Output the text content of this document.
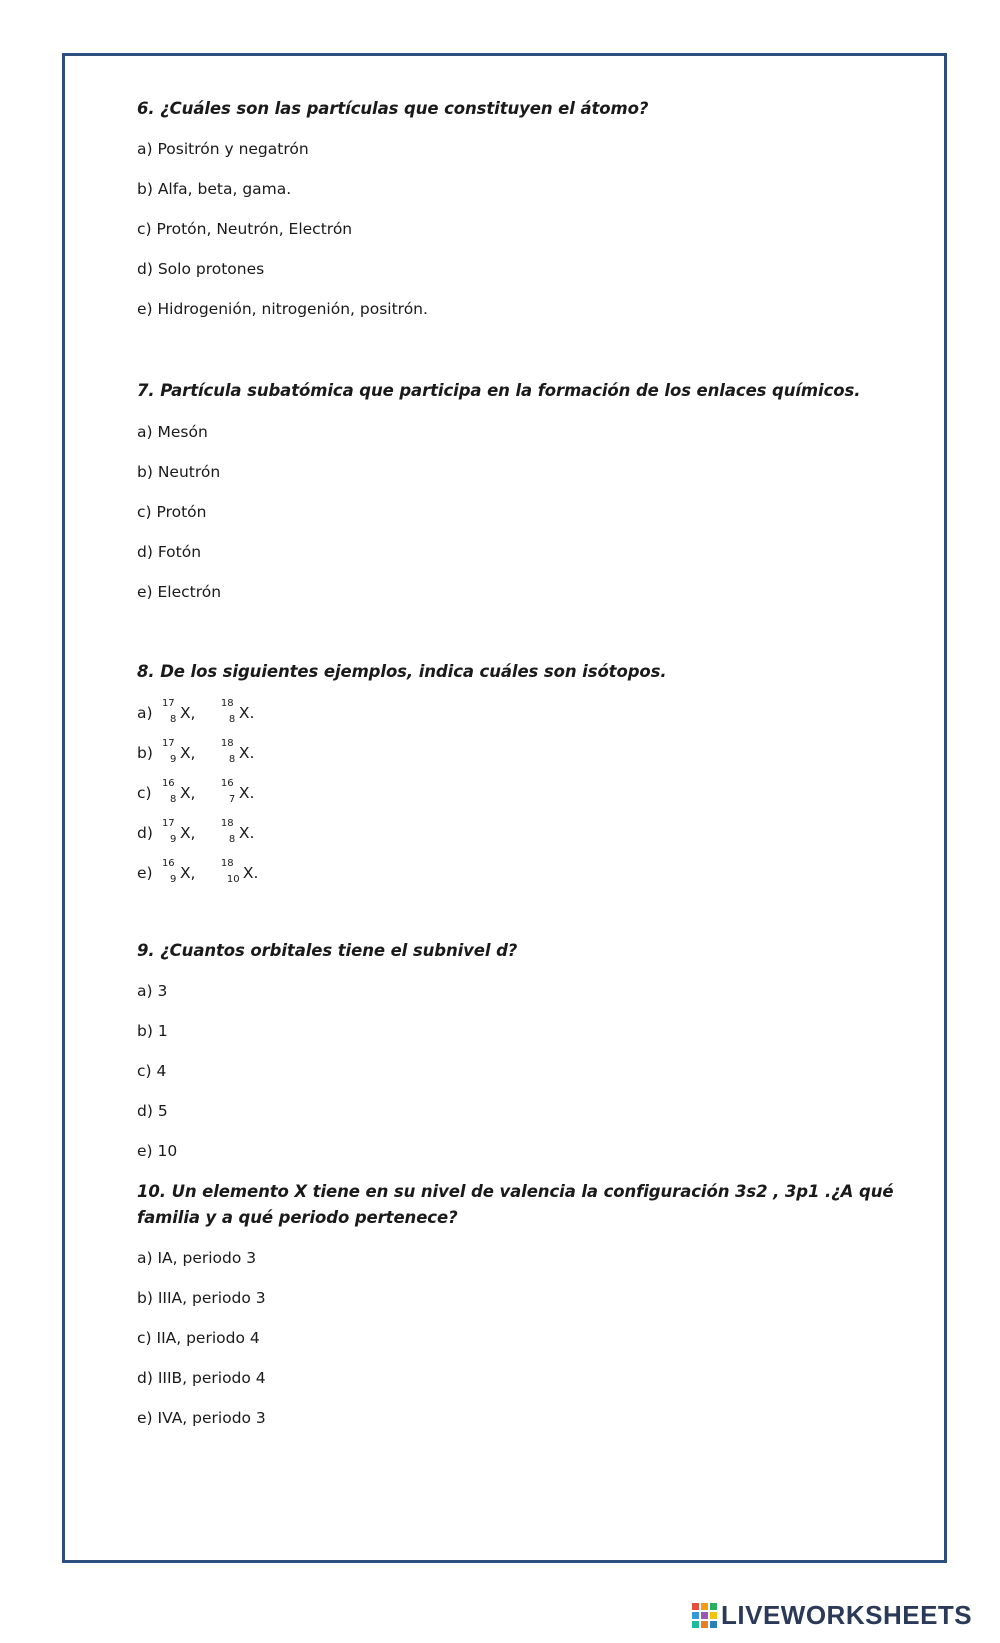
6. ¿Cuáles son las partículas que constituyen el átomo?
a) Positrón y negatrón
b) Alfa, beta, gama.
c) Protón, Neutrón, Electrón
d) Solo protones
e) Hidrogenión, nitrogenión, positrón.
7. Partícula subatómica que participa en la formación de los enlaces químicos.
a) Mesón
b) Neutrón
c) Protón
d) Fotón
e) Electrón
8. De los siguientes ejemplos, indica cuáles son isótopos.
a) 17
8 X,

18
8 X.
b) 17
9 X,

18
8 X.
c) 16
8 X,

16
7 X.
d) 17
9 X,

18
8 X.
e) 16
9 X,

18
10 X.
9. ¿Cuantos orbitales tiene el subnivel d?
a) 3
b) 1
c) 4
d) 5
e) 10
10. Un elemento X tiene en su nivel de valencia la configuración 3s2 , 3p1 .¿A qué
familia y a qué periodo pertenece?
a) IA, periodo 3
b) IIIA, periodo 3
c) IIA, periodo 4
d) IIIB, periodo 4
e) IVA, periodo 3
LIVEWORKSHEETS
